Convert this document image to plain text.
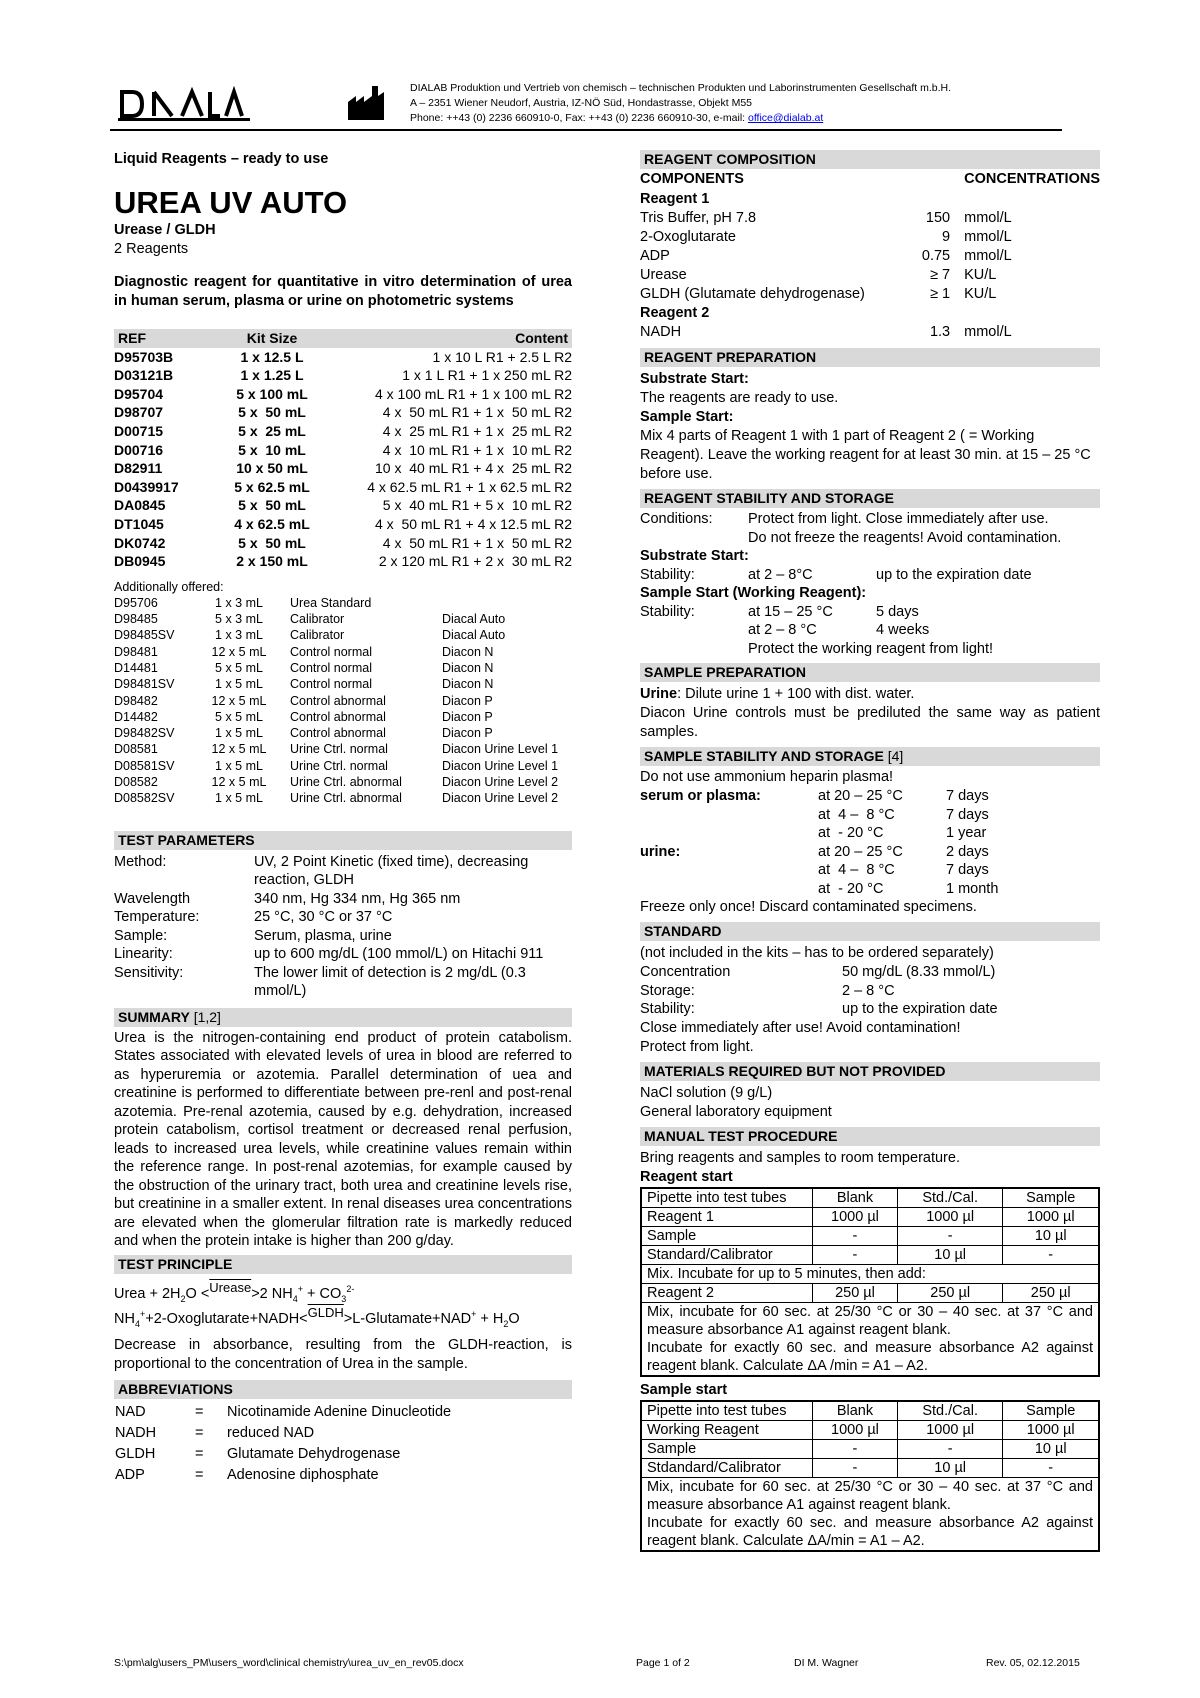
DIALAB Produktion und Vertrieb von chemisch – technischen Produkten und Laborinstrumenten Gesellschaft m.b.H.
A – 2351 Wiener Neudorf, Austria, IZ-NÖ Süd, Hondastrasse, Objekt M55
Phone: ++43 (0) 2236 660910-0, Fax: ++43 (0) 2236 660910-30, e-mail: office@dialab.at
Liquid Reagents – ready to use
UREA UV AUTO
Urease / GLDH
2 Reagents
Diagnostic reagent for quantitative in vitro determination of urea in human serum, plasma or urine on photometric systems
REF	Kit Size	Content
D95703B	1 x 12.5 L	1 x 10 L R1 + 2.5 L R2
D03121B	1 x 1.25 L	1 x 1 L R1 + 1 x 250 mL R2
D95704	5 x 100 mL	4 x 100 mL R1 + 1 x 100 mL R2
D98707	5 x  50 mL	4 x  50 mL R1 + 1 x  50 mL R2
D00715	5 x  25 mL	4 x  25 mL R1 + 1 x  25 mL R2
D00716	5 x  10 mL	4 x  10 mL R1 + 1 x  10 mL R2
D82911	10 x 50 mL	10 x  40 mL R1 + 4 x  25 mL R2
D0439917	5 x 62.5 mL	4 x 62.5 mL R1 + 1 x 62.5 mL R2
DA0845	5 x  50 mL	5 x  40 mL R1 + 5 x  10 mL R2
DT1045	4 x 62.5 mL	4 x  50 mL R1 + 4 x 12.5 mL R2
DK0742	5 x  50 mL	4 x  50 mL R1 + 1 x  50 mL R2
DB0945	2 x 150 mL	2 x 120 mL R1 + 2 x  30 mL R2
Additionally offered:
D95706	1 x 3 mL	Urea Standard	
D98485	5 x 3 mL	Calibrator	Diacal Auto
D98485SV	1 x 3 mL	Calibrator	Diacal Auto
D98481	12 x 5 mL	Control normal	Diacon N
D14481	5 x 5 mL	Control normal	Diacon N
D98481SV	1 x 5 mL	Control normal	Diacon N
D98482	12 x 5 mL	Control abnormal	Diacon P
D14482	5 x 5 mL	Control abnormal	Diacon P
D98482SV	1 x 5 mL	Control abnormal	Diacon P
D08581	12 x 5 mL	Urine Ctrl. normal	Diacon Urine Level 1
D08581SV	1 x 5 mL	Urine Ctrl. normal	Diacon Urine Level 1
D08582	12 x 5 mL	Urine Ctrl. abnormal	Diacon Urine Level 2
D08582SV	1 x 5 mL	Urine Ctrl. abnormal	Diacon Urine Level 2
TEST PARAMETERS
Method:	UV, 2 Point Kinetic (fixed time), decreasing reaction, GLDH
Wavelength	340 nm, Hg 334 nm, Hg 365 nm
Temperature:	25 °C, 30 °C or 37 °C
Sample:	Serum, plasma, urine
Linearity:	up to 600 mg/dL (100 mmol/L) on Hitachi 911
Sensitivity:	The lower limit of detection is 2 mg/dL (0.3 mmol/L)
SUMMARY [1,2]
Urea is the nitrogen-containing end product of protein catabolism. States associated with elevated levels of urea in blood are referred to as hyperuremia or azotemia. Parallel determination of uea and creatinine is performed to differentiate between pre-renl and post-renal azotemia. Pre-renal azotemia, caused by e.g. dehydration, increased protein catabolism, cortisol treatment or decreased renal perfusion, leads to increased urea levels, while creatinine values remain within the reference range. In post-renal azotemias, for example caused by the obstruction of the urinary tract, both urea and creatinine levels rise, but creatinine in a smaller extent. In renal diseases urea concentrations are elevated when the glomerular filtration rate is markedly reduced and when the protein intake is higher than 200 g/day.
TEST PRINCIPLE
Urea + $2H_2O$ <Urease>2 $NH_4^+ + CO_3^{2-}$
$NH_4^++2-Oxoglutarate+NADH<GLDH>L-Glutamate+NAD^+ + H_2O$
Decrease in absorbance, resulting from the GLDH-reaction, is proportional to the concentration of Urea in the sample.
ABBREVIATIONS
NAD	=	Nicotinamide Adenine Dinucleotide
NADH	=	reduced NAD
GLDH	=	Glutamate Dehydrogenase
ADP	=	Adenosine diphosphate
REAGENT COMPOSITION
COMPONENTS		CONCENTRATIONS
Reagent 1		
Tris Buffer, pH 7.8	150	mmol/L
2-Oxoglutarate	9	mmol/L
ADP	0.75	mmol/L
Urease	≥ 7	KU/L
GLDH (Glutamate dehydrogenase)	≥ 1	KU/L
Reagent 2		
NADH	1.3	mmol/L
REAGENT PREPARATION
Substrate Start:
The reagents are ready to use.
Sample Start:
Mix 4 parts of Reagent 1 with 1 part of Reagent 2 ( = Working Reagent). Leave the working reagent for at least 30 min. at 15 – 25 °C before use.
REAGENT STABILITY AND STORAGE
Conditions:	Protect from light. Close immediately after use.	
	Do not freeze the reagents! Avoid contamination.	
Substrate Start:		
Stability:	at 2 – 8°C	up to the expiration date
Sample Start (Working Reagent):		
Stability:	at 15 – 25 °C	5 days
	at 2 – 8 °C	4 weeks
	Protect the working reagent from light!	
SAMPLE PREPARATION
Urine: Dilute urine 1 + 100 with dist. water.
Diacon Urine controls must be prediluted the same way as patient samples.
SAMPLE STABILITY AND STORAGE [4]
Do not use ammonium heparin plasma!
serum or plasma:	at 20 – 25 °C	7 days
	at  4 –  8 °C	7 days
	at  - 20 °C	1 year
urine:	at 20 – 25 °C	2 days
	at  4 –  8 °C	7 days
	at  - 20 °C	1 month
Freeze only once! Discard contaminated specimens.
STANDARD
(not included in the kits – has to be ordered separately)
Concentration	50 mg/dL (8.33 mmol/L)
Storage:	2 – 8 °C
Stability:	up to the expiration date
Close immediately after use! Avoid contamination!
Protect from light.
MATERIALS REQUIRED BUT NOT PROVIDED
NaCl solution (9 g/L)
General laboratory equipment
MANUAL TEST PROCEDURE
Bring reagents and samples to room temperature.
Reagent start
Pipette into test tubes	Blank	Std./Cal.	Sample
Reagent 1	1000 µl	1000 µl	1000 µl
Sample	-	-	10 µl
Standard/Calibrator	-	10 µl	-
Mix. Incubate for up to 5 minutes, then add:			
Reagent 2	250 µl	250 µl	250 µl

Mix, incubate for 60 sec. at 25/30 °C or 30 – 40 sec. at 37 °C and measure absorbance A1 against reagent blank.
Incubate for exactly 60 sec. and measure absorbance A2 against reagent blank. Calculate ΔA /min = A1 – A2.			
Sample start
Pipette into test tubes	Blank	Std./Cal.	Sample
Working Reagent	1000 µl	1000 µl	1000 µl
Sample	-	-	10 µl
Stdandard/Calibrator	-	10 µl	-

Mix, incubate for 60 sec. at 25/30 °C or 30 – 40 sec. at 37 °C and measure absorbance A1 against reagent blank.
Incubate for exactly 60 sec. and measure absorbance A2 against reagent blank. Calculate ΔA/min = A1 – A2.			
S:\pm\alg\users_PM\users_word\clinical chemistry\urea_uv_en_rev05.docx	Page 1 of 2	DI M. Wagner	Rev. 05, 02.12.2015
